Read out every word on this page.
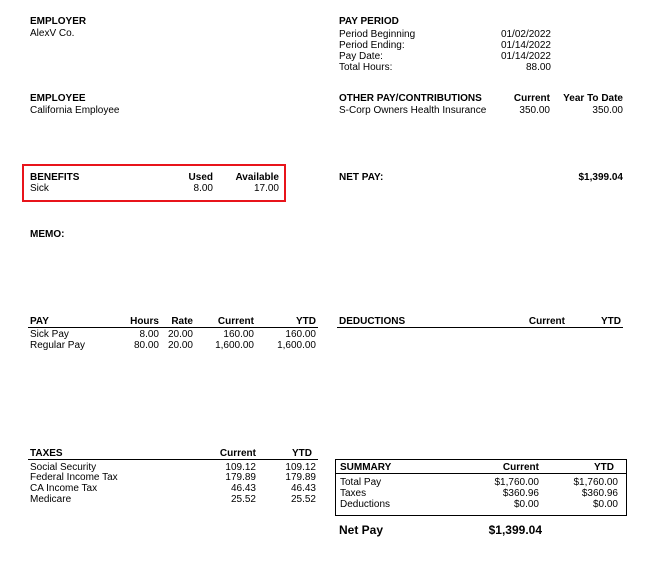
EMPLOYER
AlexV Co.
PAY PERIOD
Period Beginning	01/02/2022
Period Ending:	01/14/2022
Pay Date:	01/14/2022
Total Hours:	88.00
EMPLOYEE
California Employee
OTHER PAY/CONTRIBUTIONS	Current Year To Date
S-Corp Owners Health Insurance	350.00	350.00
BENEFITS	Used Available
Sick	8.00	17.00
NET PAY:	$1,399.04
MEMO:
PAY	Hours Rate Current	YTD
Sick Pay	8.00 20.00	160.00	160.00
Regular Pay	80.00 20.00 1,600.00 1,600.00
DEDUCTIONS	Current	YTD
TAXES	Current	YTD
Social Security	109.12	109.12
Federal Income Tax	179.89	179.89
CA Income Tax	46.43	46.43
Medicare	25.52	25.52
SUMMARY	Current	YTD
Total Pay	$1,760.00	$1,760.00
Taxes	$360.96	$360.96
Deductions	$0.00	$0.00
Net Pay	$1,399.04
